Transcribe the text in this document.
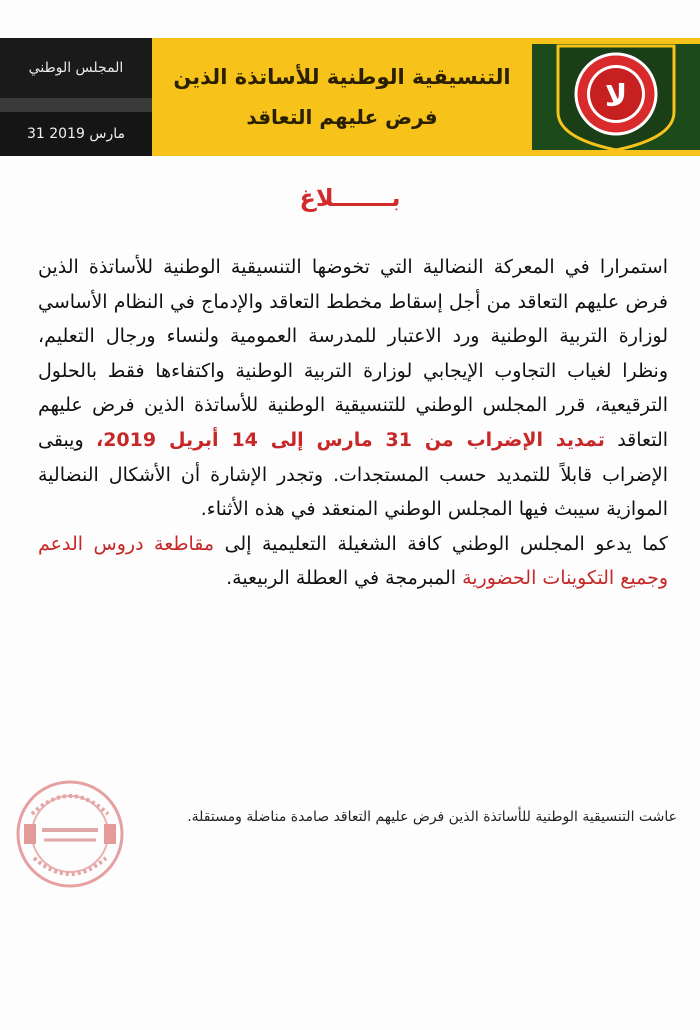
المجلس الوطني
31 مارس 2019
التنسيقية الوطنية للأساتذة الذين
فرض عليهم التعاقد
لا
بـــــــلاغ

استمرارا في المعركة النضالية التي تخوضها التنسيقية الوطنية للأساتذة الذين فرض عليهم التعاقد من أجل إسقاط مخطط التعاقد والإدماج في النظام الأساسي لوزارة التربية الوطنية ورد الاعتبار للمدرسة العمومية ولنساء ورجال التعليم، ونظرا لغياب التجاوب الإيجابي لوزارة التربية الوطنية واكتفاءها فقط بالحلول الترقيعية، قرر المجلس الوطني للتنسيقية الوطنية للأساتذة الذين فرض عليهم التعاقد تمديد الإضراب من 31 مارس إلى 14 أبريل 2019، ويبقى الإضراب قابلاً للتمديد حسب المستجدات. وتجدر الإشارة أن الأشكال النضالية الموازية سيبث فيها المجلس الوطني المنعقد في هذه الأثناء.

كما يدعو المجلس الوطني كافة الشغيلة التعليمية إلى مقاطعة دروس الدعم وجميع التكوينات الحضورية المبرمجة في العطلة الربيعية.

عاشت التنسيقية الوطنية للأساتذة الذين فرض عليهم التعاقد صامدة مناضلة ومستقلة.
